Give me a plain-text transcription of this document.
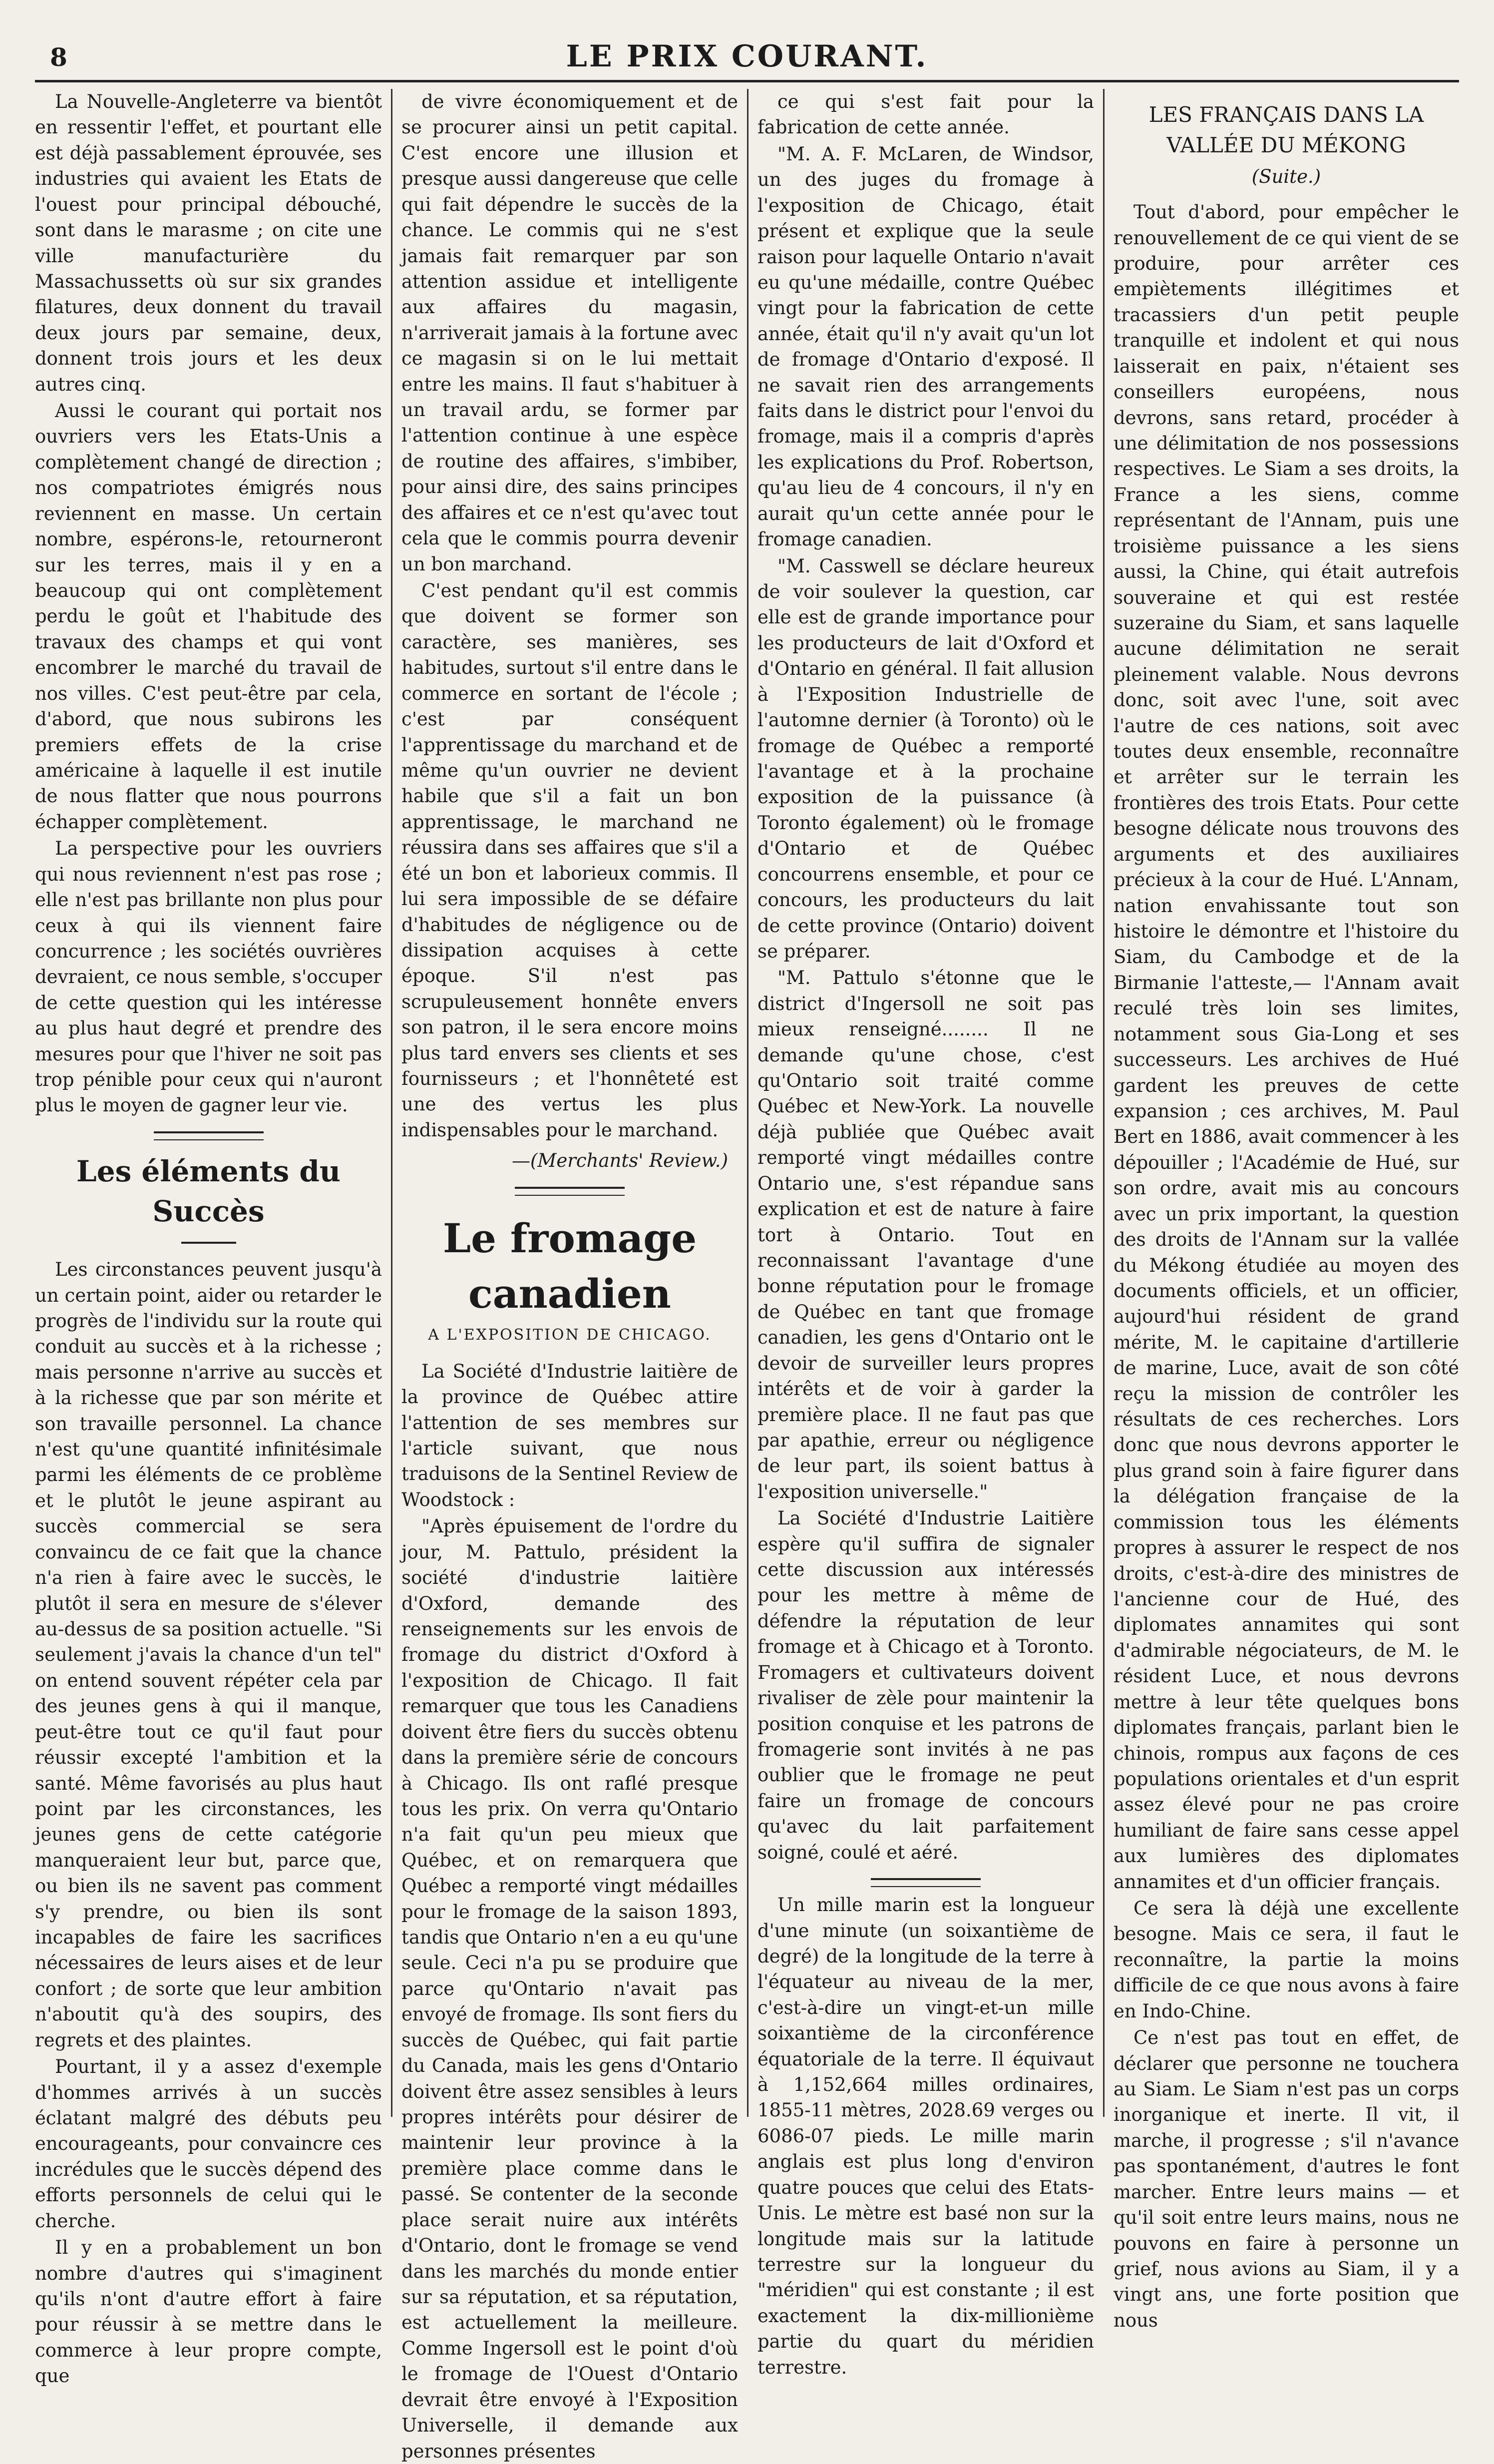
8	LE PRIX COURANT.

La Nouvelle-Angleterre va bientôt en ressentir l'effet, et pourtant elle est déjà passablement éprouvée, ses industries qui avaient les Etats de l'ouest pour principal débouché, sont dans le marasme ; on cite une ville manufacturière du Massachussetts où sur six grandes filatures, deux donnent du travail deux jours par semaine, deux, donnent trois jours et les deux autres cinq.

Aussi le courant qui portait nos ouvriers vers les Etats-Unis a complètement changé de direction ; nos compatriotes émigrés nous reviennent en masse. Un certain nombre, espérons-le, retourneront sur les terres, mais il y en a beaucoup qui ont complètement perdu le goût et l'habitude des travaux des champs et qui vont encombrer le marché du travail de nos villes. C'est peut-être par cela, d'abord, que nous subirons les premiers effets de la crise américaine à laquelle il est inutile de nous flatter que nous pourrons échapper complètement.

La perspective pour les ouvriers qui nous reviennent n'est pas rose ; elle n'est pas brillante non plus pour ceux à qui ils viennent faire concurrence ; les sociétés ouvrières devraient, ce nous semble, s'occuper de cette question qui les intéresse au plus haut degré et prendre des mesures pour que l'hiver ne soit pas trop pénible pour ceux qui n'auront plus le moyen de gagner leur vie.

Les éléments du Succès

Les circonstances peuvent jusqu'à un certain point, aider ou retarder le progrès de l'individu sur la route qui conduit au succès et à la richesse ; mais personne n'arrive au succès et à la richesse que par son mérite et son travaille personnel. La chance n'est qu'une quantité infinitésimale parmi les éléments de ce problème et le plutôt le jeune aspirant au succès commercial se sera convaincu de ce fait que la chance n'a rien à faire avec le succès, le plutôt il sera en mesure de s'élever au-dessus de sa position actuelle. "Si seulement j'avais la chance d'un tel" on entend souvent répéter cela par des jeunes gens à qui il manque, peut-être tout ce qu'il faut pour réussir excepté l'ambition et la santé. Même favorisés au plus haut point par les circonstances, les jeunes gens de cette catégorie manqueraient leur but, parce que, ou bien ils ne savent pas comment s'y prendre, ou bien ils sont incapables de faire les sacrifices nécessaires de leurs aises et de leur confort ; de sorte que leur ambition n'aboutit qu'à des soupirs, des regrets et des plaintes.

Pourtant, il y a assez d'exemple d'hommes arrivés à un succès éclatant malgré des débuts peu encourageants, pour convaincre ces incrédules que le succès dépend des efforts personnels de celui qui le cherche.

Il y en a probablement un bon nombre d'autres qui s'imaginent qu'ils n'ont d'autre effort à faire pour réussir à se mettre dans le commerce à leur propre compte, que

de vivre économiquement et de se procurer ainsi un petit capital. C'est encore une illusion et presque aussi dangereuse que celle qui fait dépendre le succès de la chance. Le commis qui ne s'est jamais fait remarquer par son attention assidue et intelligente aux affaires du magasin, n'arriverait jamais à la fortune avec ce magasin si on le lui mettait entre les mains. Il faut s'habituer à un travail ardu, se former par l'attention continue à une espèce de routine des affaires, s'imbiber, pour ainsi dire, des sains principes des affaires et ce n'est qu'avec tout cela que le commis pourra devenir un bon marchand.

C'est pendant qu'il est commis que doivent se former son caractère, ses manières, ses habitudes, surtout s'il entre dans le commerce en sortant de l'école ; c'est par conséquent l'apprentissage du marchand et de même qu'un ouvrier ne devient habile que s'il a fait un bon apprentissage, le marchand ne réussira dans ses affaires que s'il a été un bon et laborieux commis. Il lui sera impossible de se défaire d'habitudes de négligence ou de dissipation acquises à cette époque. S'il n'est pas scrupuleusement honnête envers son patron, il le sera encore moins plus tard envers ses clients et ses fournisseurs ; et l'honnêteté est une des vertus les plus indispensables pour le marchand.

—(Merchants' Review.)
Le fromage canadien
A L'EXPOSITION DE CHICAGO.

La Société d'Industrie laitière de la province de Québec attire l'attention de ses membres sur l'article suivant, que nous traduisons de la Sentinel Review de Woodstock :

"Après épuisement de l'ordre du jour, M. Pattulo, président la société d'industrie laitière d'Oxford, demande des renseignements sur les envois de fromage du district d'Oxford à l'exposition de Chicago. Il fait remarquer que tous les Canadiens doivent être fiers du succès obtenu dans la première série de concours à Chicago. Ils ont raflé presque tous les prix. On verra qu'Ontario n'a fait qu'un peu mieux que Québec, et on remarquera que Québec a remporté vingt médailles pour le fromage de la saison 1893, tandis que Ontario n'en a eu qu'une seule. Ceci n'a pu se produire que parce qu'Ontario n'avait pas envoyé de fromage. Ils sont fiers du succès de Québec, qui fait partie du Canada, mais les gens d'Ontario doivent être assez sensibles à leurs propres intérêts pour désirer de maintenir leur province à la première place comme dans le passé. Se contenter de la seconde place serait nuire aux intérêts d'Ontario, dont le fromage se vend dans les marchés du monde entier sur sa réputation, et sa réputation, est actuellement la meilleure. Comme Ingersoll est le point d'où le fromage de l'Ouest d'Ontario devrait être envoyé à l'Exposition Universelle, il demande aux personnes présentes

ce qui s'est fait pour la fabrication de cette année.

"M. A. F. McLaren, de Windsor, un des juges du fromage à l'exposition de Chicago, était présent et explique que la seule raison pour laquelle Ontario n'avait eu qu'une médaille, contre Québec vingt pour la fabrication de cette année, était qu'il n'y avait qu'un lot de fromage d'Ontario d'exposé. Il ne savait rien des arrangements faits dans le district pour l'envoi du fromage, mais il a compris d'après les explications du Prof. Robertson, qu'au lieu de 4 concours, il n'y en aurait qu'un cette année pour le fromage canadien.

"M. Casswell se déclare heureux de voir soulever la question, car elle est de grande importance pour les producteurs de lait d'Oxford et d'Ontario en général. Il fait allusion à l'Exposition Industrielle de l'automne dernier (à Toronto) où le fromage de Québec a remporté l'avantage et à la prochaine exposition de la puissance (à Toronto également) où le fromage d'Ontario et de Québec concourrens ensemble, et pour ce concours, les producteurs du lait de cette province (Ontario) doivent se préparer.

"M. Pattulo s'étonne que le district d'Ingersoll ne soit pas mieux renseigné........ Il ne demande qu'une chose, c'est qu'Ontario soit traité comme Québec et New-York. La nouvelle déjà publiée que Québec avait remporté vingt médailles contre Ontario une, s'est répandue sans explication et est de nature à faire tort à Ontario. Tout en reconnaissant l'avantage d'une bonne réputation pour le fromage de Québec en tant que fromage canadien, les gens d'Ontario ont le devoir de surveiller leurs propres intérêts et de voir à garder la première place. Il ne faut pas que par apathie, erreur ou négligence de leur part, ils soient battus à l'exposition universelle."

La Société d'Industrie Laitière espère qu'il suffira de signaler cette discussion aux intéressés pour les mettre à même de défendre la réputation de leur fromage et à Chicago et à Toronto. Fromagers et cultivateurs doivent rivaliser de zèle pour maintenir la position conquise et les patrons de fromagerie sont invités à ne pas oublier que le fromage ne peut faire un fromage de concours qu'avec du lait parfaitement soigné, coulé et aéré.

Un mille marin est la longueur d'une minute (un soixantième de degré) de la longitude de la terre à l'équateur au niveau de la mer, c'est-à-dire un vingt-et-un mille soixantième de la circonférence équatoriale de la terre. Il équivaut à 1,152,664 milles ordinaires, 1855-11 mètres, 2028.69 verges ou 6086-07 pieds. Le mille marin anglais est plus long d'environ quatre pouces que celui des Etats-Unis. Le mètre est basé non sur la longitude mais sur la latitude terrestre sur la longueur du "méridien" qui est constante ; il est exactement la dix-millionième partie du quart du méridien terrestre.

LES FRANÇAIS DANS LA VALLÉE DU MÉKONG
(Suite.)

Tout d'abord, pour empêcher le renouvellement de ce qui vient de se produire, pour arrêter ces empiètements illégitimes et tracassiers d'un petit peuple tranquille et indolent et qui nous laisserait en paix, n'étaient ses conseillers européens, nous devrons, sans retard, procéder à une délimitation de nos possessions respectives. Le Siam a ses droits, la France a les siens, comme représentant de l'Annam, puis une troisième puissance a les siens aussi, la Chine, qui était autrefois souveraine et qui est restée suzeraine du Siam, et sans laquelle aucune délimitation ne serait pleinement valable. Nous devrons donc, soit avec l'une, soit avec l'autre de ces nations, soit avec toutes deux ensemble, reconnaître et arrêter sur le terrain les frontières des trois Etats. Pour cette besogne délicate nous trouvons des arguments et des auxiliaires précieux à la cour de Hué. L'Annam, nation envahissante tout son histoire le démontre et l'histoire du Siam, du Cambodge et de la Birmanie l'atteste,— l'Annam avait reculé très loin ses limites, notamment sous Gia-Long et ses successeurs. Les archives de Hué gardent les preuves de cette expansion ; ces archives, M. Paul Bert en 1886, avait commencer à les dépouiller ; l'Académie de Hué, sur son ordre, avait mis au concours avec un prix important, la question des droits de l'Annam sur la vallée du Mékong étudiée au moyen des documents officiels, et un officier, aujourd'hui résident de grand mérite, M. le capitaine d'artillerie de marine, Luce, avait de son côté reçu la mission de contrôler les résultats de ces recherches. Lors donc que nous devrons apporter le plus grand soin à faire figurer dans la délégation française de la commission tous les éléments propres à assurer le respect de nos droits, c'est-à-dire des ministres de l'ancienne cour de Hué, des diplomates annamites qui sont d'admirable négociateurs, de M. le résident Luce, et nous devrons mettre à leur tête quelques bons diplomates français, parlant bien le chinois, rompus aux façons de ces populations orientales et d'un esprit assez élevé pour ne pas croire humiliant de faire sans cesse appel aux lumières des diplomates annamites et d'un officier français.

Ce sera là déjà une excellente besogne. Mais ce sera, il faut le reconnaître, la partie la moins difficile de ce que nous avons à faire en Indo-Chine.

Ce n'est pas tout en effet, de déclarer que personne ne touchera au Siam. Le Siam n'est pas un corps inorganique et inerte. Il vit, il marche, il progresse ; s'il n'avance pas spontanément, d'autres le font marcher. Entre leurs mains — et qu'il soit entre leurs mains, nous ne pouvons en faire à personne un grief, nous avions au Siam, il y a vingt ans, une forte position que nous
